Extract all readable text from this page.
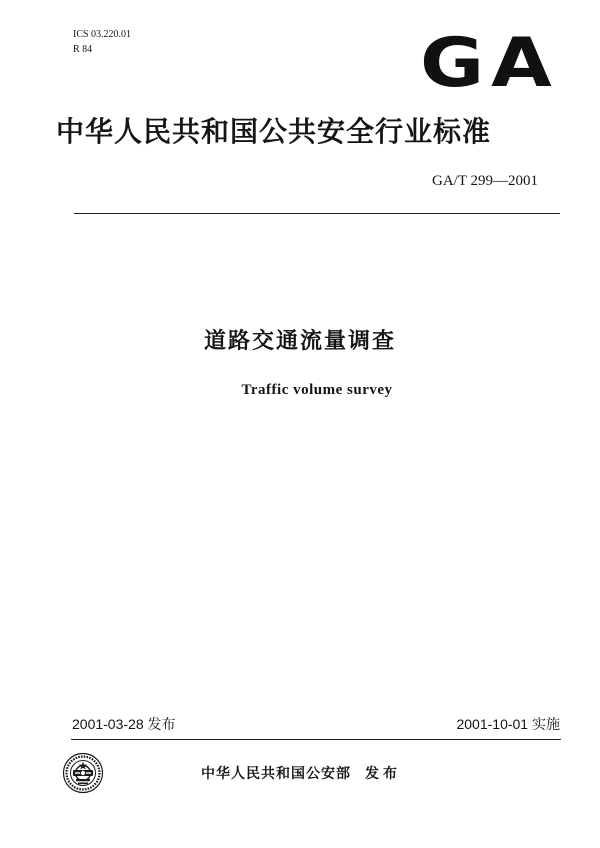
ICS 03.220.01
R 84	GA
中华人民共和国公共安全行业标准
GA/T 299—2001
道路交通流量调查
Traffic volume survey
2001-03-28 发布	2001-10-01 实施
中华人民共和国公安部 发布
